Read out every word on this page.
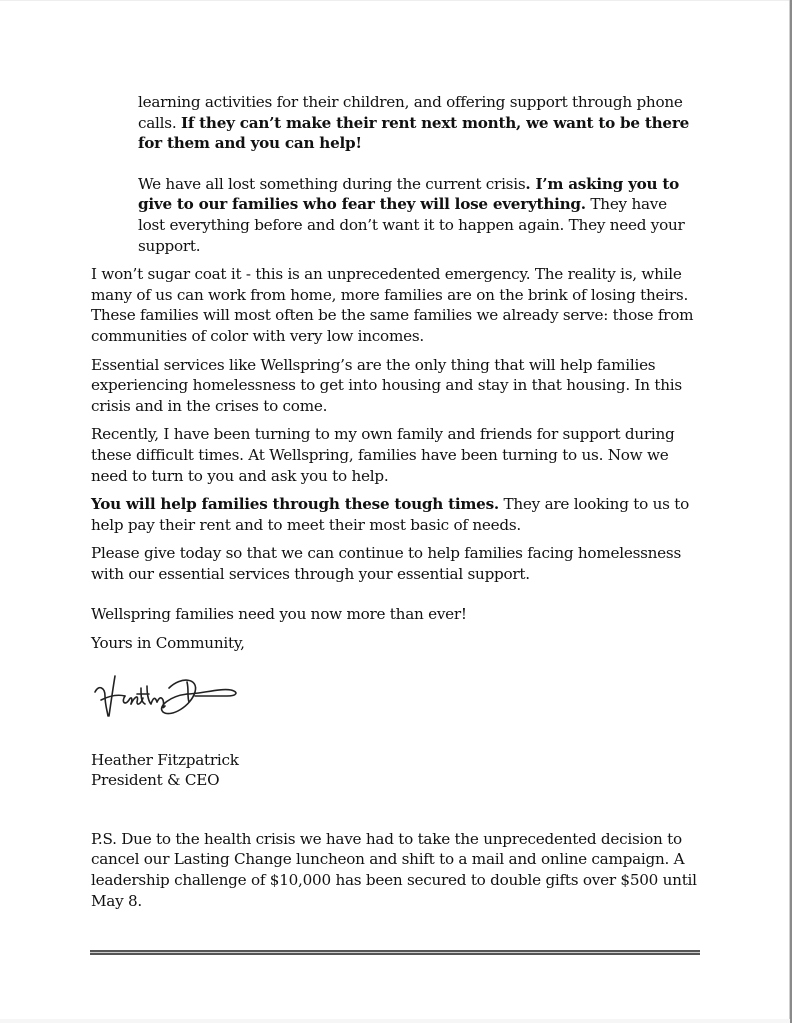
learning activities for their children, and offering support through phone calls. If they can’t make their rent next month, we want to be there for them and you can help!

We have all lost something during the current crisis. I’m asking you to give to our families who fear they will lose everything. They have lost everything before and don’t want it to happen again. They need your support.

I won’t sugar coat it - this is an unprecedented emergency. The reality is, while many of us can work from home, more families are on the brink of losing theirs. These families will most often be the same families we already serve: those from communities of color with very low incomes.

Essential services like Wellspring’s are the only thing that will help families experiencing homelessness to get into housing and stay in that housing. In this crisis and in the crises to come.

Recently, I have been turning to my own family and friends for support during these difficult times. At Wellspring, families have been turning to us. Now we need to turn to you and ask you to help.

You will help families through these tough times. They are looking to us to help pay their rent and to meet their most basic of needs.

Please give today so that we can continue to help families facing homelessness with our essential services through your essential support.

Wellspring families need you now more than ever!

Yours in Community,

Heather Fitzpatrick

President & CEO

P.S. Due to the health crisis we have had to take the unprecedented decision to cancel our Lasting Change luncheon and shift to a mail and online campaign. A leadership challenge of $10,000 has been secured to double gifts over $500 until May 8.
